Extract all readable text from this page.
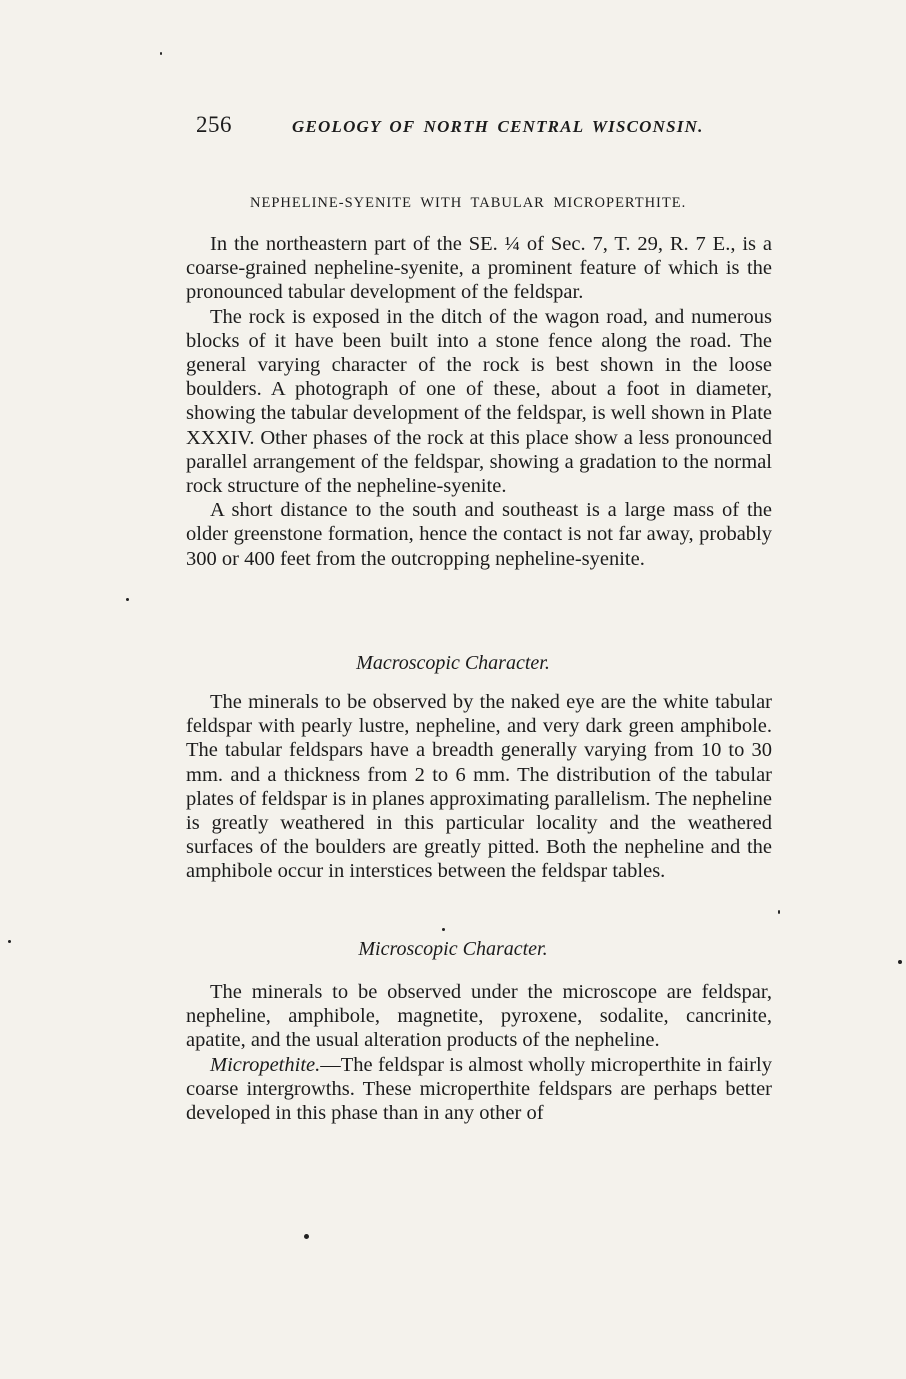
256	GEOLOGY OF NORTH CENTRAL WISCONSIN.
NEPHELINE-SYENITE WITH TABULAR MICROPERTHITE.

In the northeastern part of the SE. ¼ of Sec. 7, T. 29, R. 7 E., is a coarse-grained nepheline-syenite, a prominent feature of which is the pronounced tabular development of the feldspar.

The rock is exposed in the ditch of the wagon road, and numerous blocks of it have been built into a stone fence along the road. The general varying character of the rock is best shown in the loose boulders. A photograph of one of these, about a foot in diameter, showing the tabular development of the feldspar, is well shown in Plate XXXIV. Other phases of the rock at this place show a less pronounced parallel arrangement of the feldspar, showing a gradation to the normal rock structure of the nepheline-syenite.

A short distance to the south and southeast is a large mass of the older greenstone formation, hence the contact is not far away, probably 300 or 400 feet from the outcropping nepheline-syenite.

Macroscopic Character.

The minerals to be observed by the naked eye are the white tabular feldspar with pearly lustre, nepheline, and very dark green amphibole. The tabular feldspars have a breadth generally varying from 10 to 30 mm. and a thickness from 2 to 6 mm. The distribution of the tabular plates of feldspar is in planes approximating parallelism. The nepheline is greatly weathered in this particular locality and the weathered surfaces of the boulders are greatly pitted. Both the nepheline and the amphibole occur in interstices between the feldspar tables.

Microscopic Character.

The minerals to be observed under the microscope are feldspar, nepheline, amphibole, magnetite, pyroxene, sodalite, cancrinite, apatite, and the usual alteration products of the nepheline.

Micropethite.—The feldspar is almost wholly microperthite in fairly coarse intergrowths. These microperthite feldspars are perhaps better developed in this phase than in any other of
